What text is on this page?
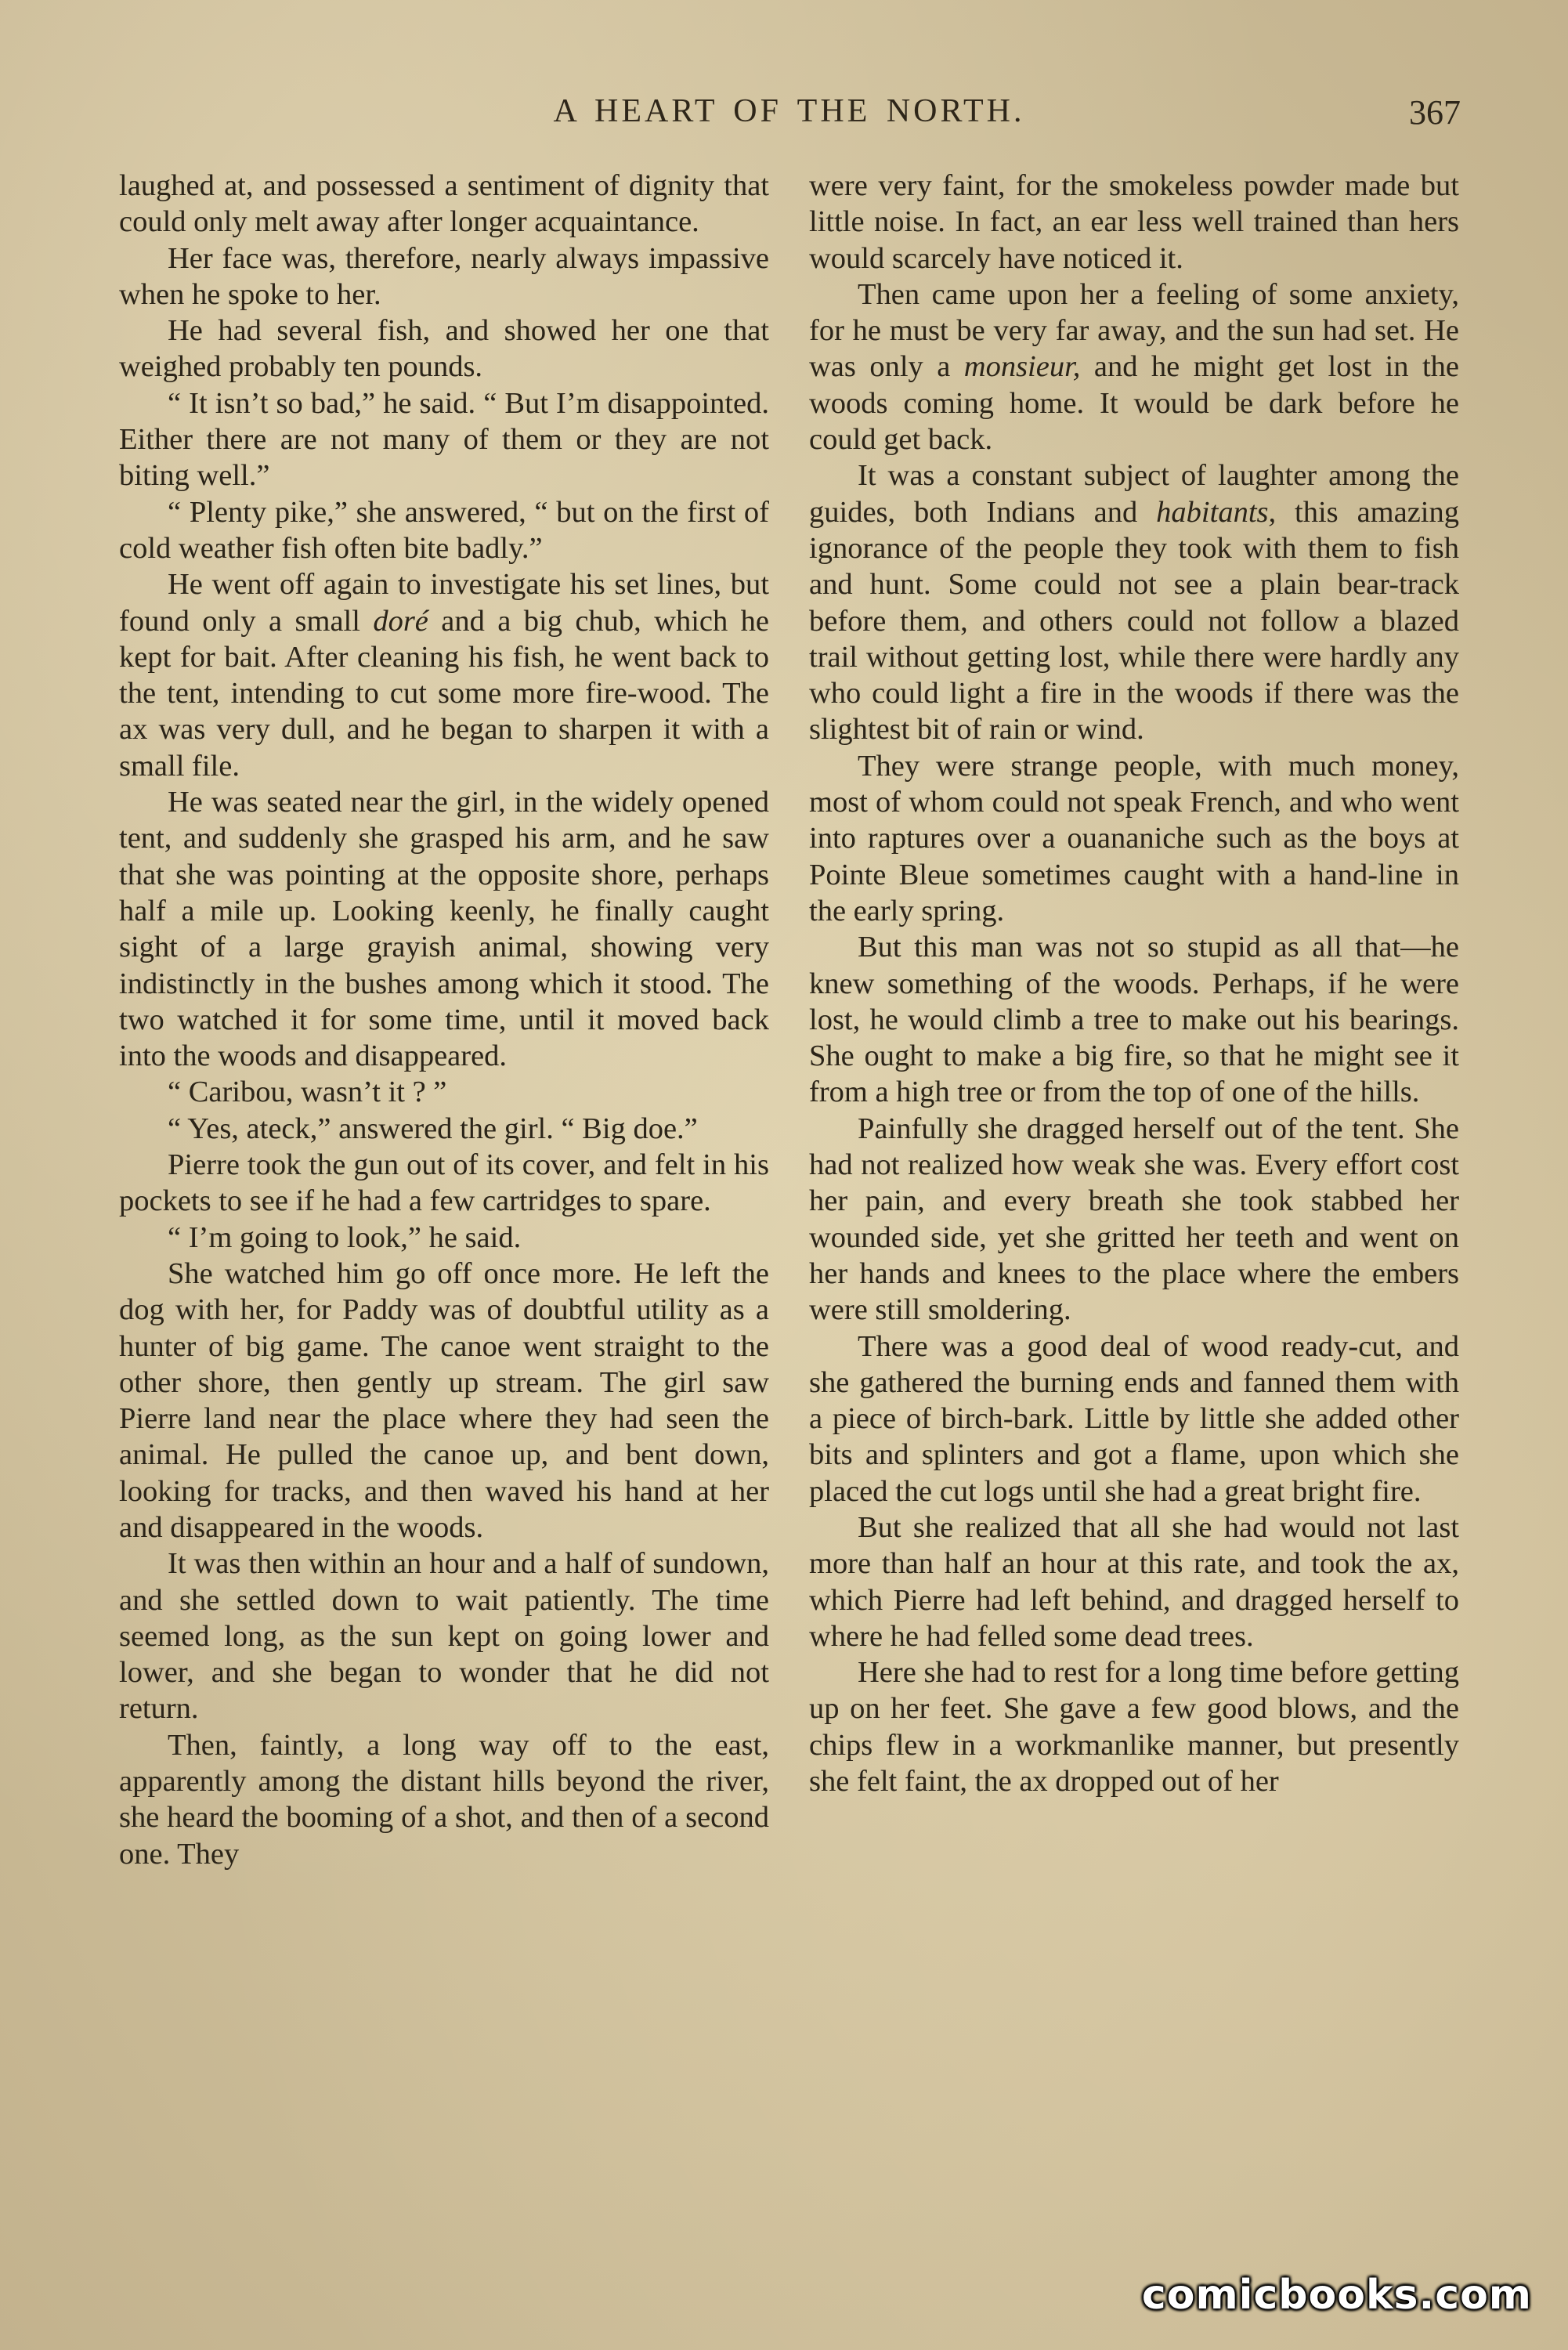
A HEART OF THE NORTH.	367

laughed at, and possessed a sentiment of dignity that could only melt away after longer acquaintance.

Her face was, therefore, nearly always impassive when he spoke to her.

He had several fish, and showed her one that weighed probably ten pounds.

“ It isn’t so bad,” he said. “ But I’m disappointed. Either there are not many of them or they are not biting well.”

“ Plenty pike,” she answered, “ but on the first of cold weather fish often bite badly.”

He went off again to investigate his set lines, but found only a small doré and a big chub, which he kept for bait. After cleaning his fish, he went back to the tent, intending to cut some more fire-wood. The ax was very dull, and he began to sharpen it with a small file.

He was seated near the girl, in the widely opened tent, and suddenly she grasped his arm, and he saw that she was pointing at the opposite shore, perhaps half a mile up. Looking keenly, he finally caught sight of a large grayish animal, showing very indistinctly in the bushes among which it stood. The two watched it for some time, until it moved back into the woods and disappeared.

“ Caribou, wasn’t it ? ”

“ Yes, ateck,” answered the girl. “ Big doe.”

Pierre took the gun out of its cover, and felt in his pockets to see if he had a few cartridges to spare.

“ I’m going to look,” he said.

She watched him go off once more. He left the dog with her, for Paddy was of doubtful utility as a hunter of big game. The canoe went straight to the other shore, then gently up stream. The girl saw Pierre land near the place where they had seen the animal. He pulled the canoe up, and bent down, looking for tracks, and then waved his hand at her and disappeared in the woods.

It was then within an hour and a half of sundown, and she settled down to wait patiently. The time seemed long, as the sun kept on going lower and lower, and she began to wonder that he did not return.

Then, faintly, a long way off to the east, apparently among the distant hills beyond the river, she heard the booming of a shot, and then of a second one. They

were very faint, for the smokeless powder made but little noise. In fact, an ear less well trained than hers would scarcely have noticed it.

Then came upon her a feeling of some anxiety, for he must be very far away, and the sun had set. He was only a monsieur, and he might get lost in the woods coming home. It would be dark before he could get back.

It was a constant subject of laughter among the guides, both Indians and habitants, this amazing ignorance of the people they took with them to fish and hunt. Some could not see a plain bear-track before them, and others could not follow a blazed trail without getting lost, while there were hardly any who could light a fire in the woods if there was the slightest bit of rain or wind.

They were strange people, with much money, most of whom could not speak French, and who went into raptures over a ouananiche such as the boys at Pointe Bleue sometimes caught with a hand-line in the early spring.

But this man was not so stupid as all that—he knew something of the woods. Perhaps, if he were lost, he would climb a tree to make out his bearings. She ought to make a big fire, so that he might see it from a high tree or from the top of one of the hills.

Painfully she dragged herself out of the tent. She had not realized how weak she was. Every effort cost her pain, and every breath she took stabbed her wounded side, yet she gritted her teeth and went on her hands and knees to the place where the embers were still smoldering.

There was a good deal of wood ready-cut, and she gathered the burning ends and fanned them with a piece of birch-bark. Little by little she added other bits and splinters and got a flame, upon which she placed the cut logs until she had a great bright fire.

But she realized that all she had would not last more than half an hour at this rate, and took the ax, which Pierre had left behind, and dragged herself to where he had felled some dead trees.

Here she had to rest for a long time before getting up on her feet. She gave a few good blows, and the chips flew in a workmanlike manner, but presently she felt faint, the ax dropped out of her

comicbooks.com
